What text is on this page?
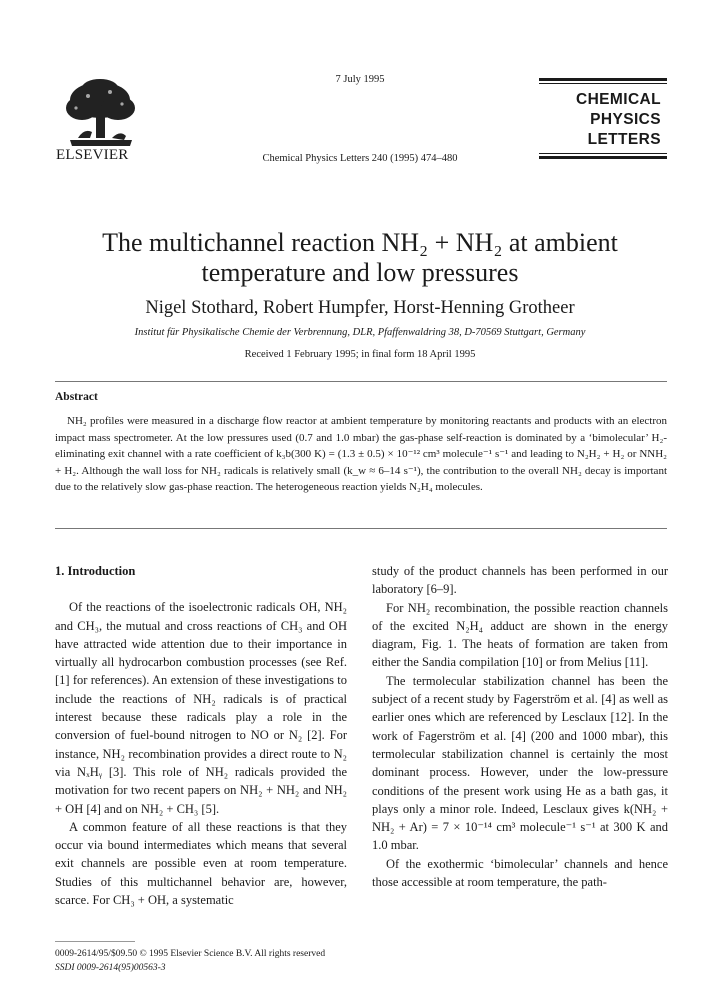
ELSEVIER
7 July 1995
Chemical Physics Letters 240 (1995) 474–480
CHEMICAL
PHYSICS
LETTERS
The multichannel reaction NH₂ + NH₂ at ambient temperature and low pressures
Nigel Stothard, Robert Humpfer, Horst-Henning Grotheer
Institut für Physikalische Chemie der Verbrennung, DLR, Pfaffenwaldring 38, D-70569 Stuttgart, Germany
Received 1 February 1995; in final form 18 April 1995
Abstract
NH₂ profiles were measured in a discharge flow reactor at ambient temperature by monitoring reactants and products with an electron impact mass spectrometer. At the low pressures used (0.7 and 1.0 mbar) the gas-phase self-reaction is dominated by a ‘bimolecular’ H₂-eliminating exit channel with a rate coefficient of k₃b(300 K) = (1.3 ± 0.5) × 10⁻¹² cm³ molecule⁻¹ s⁻¹ and leading to N₂H₂ + H₂ or NNH₂ + H₂. Although the wall loss for NH₂ radicals is relatively small (k_w ≈ 6–14 s⁻¹), the contribution to the overall NH₂ decay is important due to the relatively slow gas-phase reaction. The heterogeneous reaction yields N₂H₄ molecules.
1. Introduction

Of the reactions of the isoelectronic radicals OH, NH₂ and CH₃, the mutual and cross reactions of CH₃ and OH have attracted wide attention due to their importance in virtually all hydrocarbon combustion processes (see Ref. [1] for references). An extension of these investigations to include the reactions of NH₂ radicals is of practical interest because these radicals play a role in the conversion of fuel-bound nitrogen to NO or N₂ [2]. For instance, NH₂ recombination provides a direct route to N₂ via NₓHᵧ [3]. This role of NH₂ radicals provided the motivation for two recent papers on NH₂ + NH₂ and NH₂ + OH [4] and on NH₂ + CH₃ [5].

A common feature of all these reactions is that they occur via bound intermediates which means that several exit channels are possible even at room temperature. Studies of this multichannel behavior are, however, scarce. For CH₃ + OH, a systematic

study of the product channels has been performed in our laboratory [6–9].

For NH₂ recombination, the possible reaction channels of the excited N₂H₄ adduct are shown in the energy diagram, Fig. 1. The heats of formation are taken from either the Sandia compilation [10] or from Melius [11].

The termolecular stabilization channel has been the subject of a recent study by Fagerström et al. [4] as well as earlier ones which are referenced by Lesclaux [12]. In the work of Fagerström et al. [4] (200 and 1000 mbar), this termolecular stabilization channel is certainly the most dominant process. However, under the low-pressure conditions of the present work using He as a bath gas, it plays only a minor role. Indeed, Lesclaux gives k(NH₂ + NH₂ + Ar) = 7 × 10⁻¹⁴ cm³ molecule⁻¹ s⁻¹ at 300 K and 1.0 mbar.

Of the exothermic ‘bimolecular’ channels and hence those accessible at room temperature, the path-

0009-2614/95/$09.50 © 1995 Elsevier Science B.V. All rights reserved
SSDI 0009-2614(95)00563-3
